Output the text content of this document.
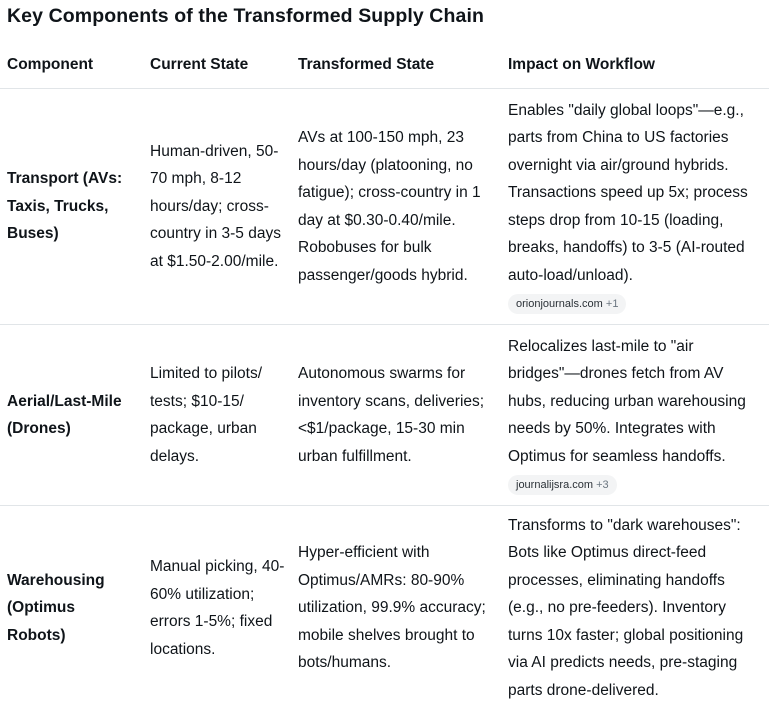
Key Components of the Transformed Supply Chain
Component	Current State	Transformed State	Impact on Workflow
Transport (AVs: Taxis, Trucks, Buses)	Human-driven, 50-70 mph, 8-12 hours/day; cross-country in 3-5 days at $1.50-2.00/mile.	AVs at 100-150 mph, 23 hours/day (platooning, no fatigue); cross-country in 1 day at $0.30-0.40/mile. Robobuses for bulk passenger/goods hybrid.	Enables "daily global loops"—e.g., parts from China to US factories overnight via air/ground hybrids. Transactions speed up 5x; process steps drop from 10-15 (loading, breaks, handoffs) to 3-5 (AI-routed auto-load/unload).
orionjournals.com +1
Aerial/Last-Mile (Drones)	Limited to pilots/ tests; $10-15/ package, urban delays.	Autonomous swarms for inventory scans, deliveries; <$1/package, 15-30 min urban fulfillment.	Relocalizes last-mile to "air bridges"—drones fetch from AV hubs, reducing urban warehousing needs by 50%. Integrates with Optimus for seamless handoffs.
journalijsra.com +3
Warehousing (Optimus Robots)	Manual picking, 40-60% utilization; errors 1-5%; fixed locations.	Hyper-efficient with Optimus/AMRs: 80-90% utilization, 99.9% accuracy; mobile shelves brought to bots/humans.	Transforms to "dark warehouses": Bots like Optimus direct-feed processes, eliminating handoffs (e.g., no pre-feeders). Inventory turns 10x faster; global positioning via AI predicts needs, pre-staging parts drone-delivered.
